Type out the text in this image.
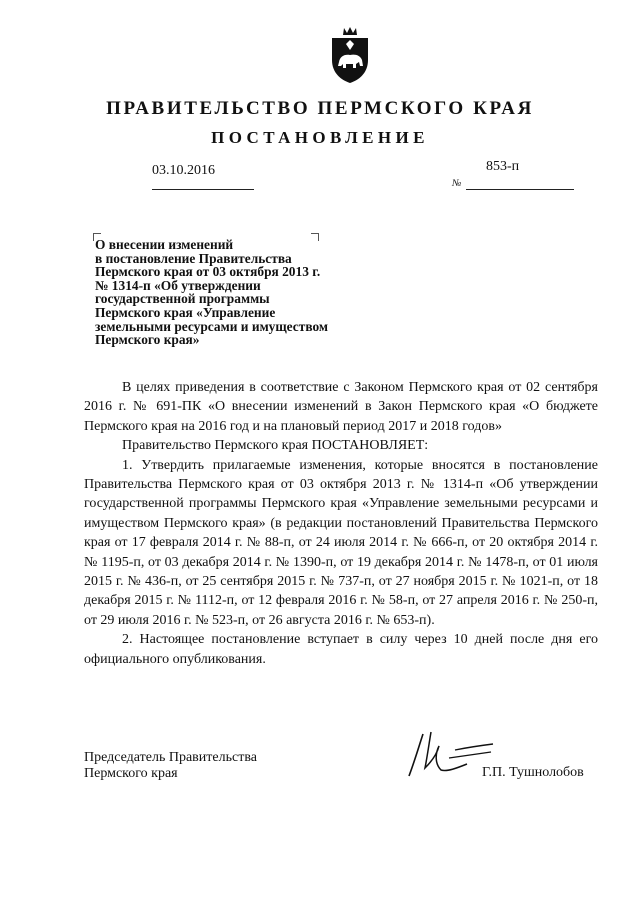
ПРАВИТЕЛЬСТВО ПЕРМСКОГО КРАЯ
ПОСТАНОВЛЕНИЕ
03.10.2016
№
853-п
О внесении изменений
в постановление Правительства
Пермского края от 03 октября 2013 г.
№ 1314-п «Об утверждении
государственной программы
Пермского края «Управление
земельными ресурсами и имуществом
Пермского края»

В целях приведения в соответствие с Законом Пермского края от 02 сентября 2016 г. № 691-ПК «О внесении изменений в Закон Пермского края «О бюджете Пермского края на 2016 год и на плановый период 2017 и 2018 годов»

Правительство Пермского края ПОСТАНОВЛЯЕТ:

1. Утвердить прилагаемые изменения, которые вносятся в постановление Правительства Пермского края от 03 октября 2013 г. № 1314-п «Об утверждении государственной программы Пермского края «Управление земельными ресурсами и имуществом Пермского края» (в редакции постановлений Правительства Пермского края от 17 февраля 2014 г. № 88-п, от 24 июля 2014 г. № 666-п, от 20 октября 2014 г. № 1195-п, от 03 декабря 2014 г. № 1390-п, от 19 декабря 2014 г. № 1478-п, от 01 июля 2015 г. № 436-п, от 25 сентября 2015 г. № 737-п, от 27 ноября 2015 г. № 1021-п, от 18 декабря 2015 г. № 1112-п, от 12 февраля 2016 г. № 58-п, от 27 апреля 2016 г. № 250-п, от 29 июля 2016 г. № 523-п, от 26 августа 2016 г. № 653-п).

2. Настоящее постановление вступает в силу через 10 дней после дня его официального опубликования.

Председатель Правительства
Пермского края	Г.П. Тушнолобов
